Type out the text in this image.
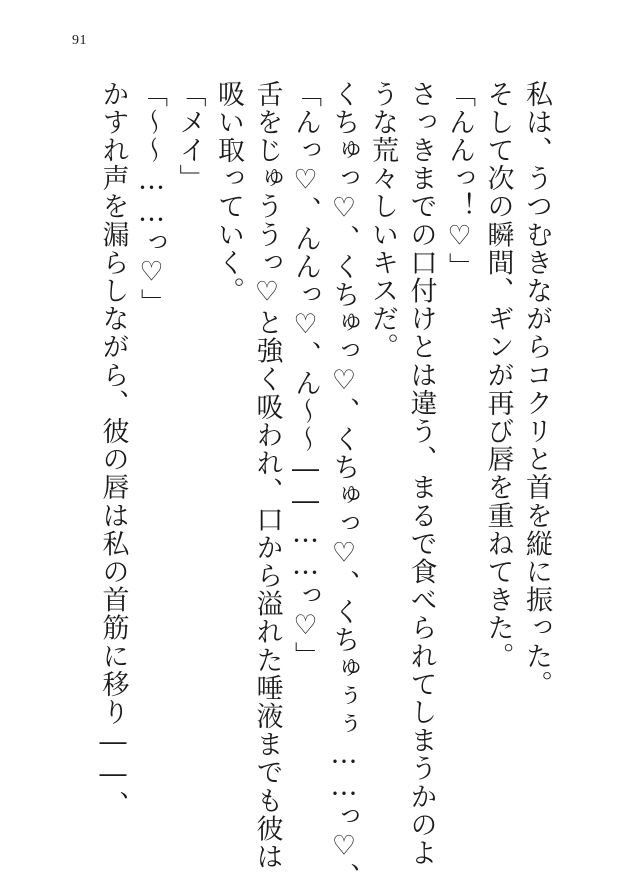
91
私は、うつむきながらコクリと首を縦に振った。
そして次の瞬間、ギンが再び唇を重ねてきた。
「んんっ！♡」
さっきまでの口付けとは違う、まるで食べられてしまうかのよ
うな荒々しいキスだ。
くちゅっ♡、くちゅっ♡、くちゅっ♡、くちゅぅぅ……っ♡、
「んっ♡、んんっ♡、ん〜〜――……っ♡」
舌をじゅううっ♡と強く吸われ、口から溢れた唾液までも彼は
吸い取っていく。
「メイ」
「〜〜……っ♡」
かすれ声を漏らしながら、彼の唇は私の首筋に移り――、
